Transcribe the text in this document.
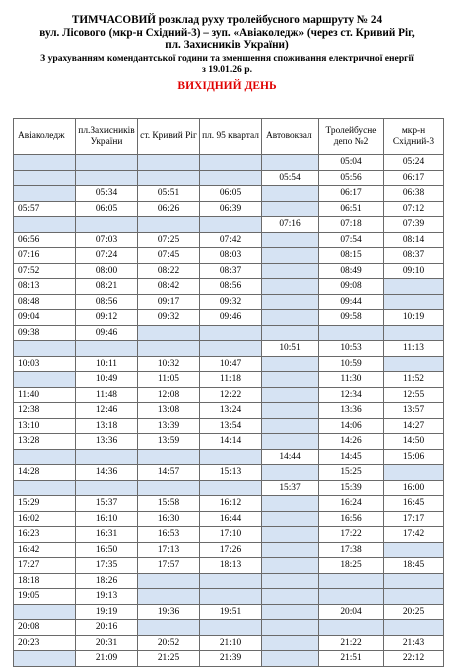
ТИМЧАСОВИЙ розклад руху тролейбусного маршруту № 24
вул. Лісового (мкр-н Східний-3) – зуп. «Авіаколедж» (через ст. Кривий Ріг,
пл. Захисників України)
З урахуванням комендантської години та зменшення споживання електричної енергії
з 19.01.26 р.
ВИХІДНИЙ ДЕНЬ
Авіаколедж	пл.Захисників України	ст. Кривий Ріг	пл. 95 квартал	Автовокзал	Тролейбусне депо №2	мкр-н Східний-3
					05:04	05:24
				05:54	05:56	06:17
	05:34	05:51	06:05		06:17	06:38
05:57	06:05	06:26	06:39		06:51	07:12
				07:16	07:18	07:39
06:56	07:03	07:25	07:42		07:54	08:14
07:16	07:24	07:45	08:03		08:15	08:37
07:52	08:00	08:22	08:37		08:49	09:10
08:13	08:21	08:42	08:56		09:08	
08:48	08:56	09:17	09:32		09:44	
09:04	09:12	09:32	09:46		09:58	10:19
09:38	09:46					
				10:51	10:53	11:13
10:03	10:11	10:32	10:47		10:59	
	10:49	11:05	11:18		11:30	11:52
11:40	11:48	12:08	12:22		12:34	12:55
12:38	12:46	13:08	13:24		13:36	13:57
13:10	13:18	13:39	13:54		14:06	14:27
13:28	13:36	13:59	14:14		14:26	14:50
				14:44	14:45	15:06
14:28	14:36	14:57	15:13		15:25	
				15:37	15:39	16:00
15:29	15:37	15:58	16:12		16:24	16:45
16:02	16:10	16:30	16:44		16:56	17:17
16:23	16:31	16:53	17:10		17:22	17:42
16:42	16:50	17:13	17:26		17:38	
17:27	17:35	17:57	18:13		18:25	18:45
18:18	18:26					
19:05	19:13					
	19:19	19:36	19:51		20:04	20:25
20:08	20:16					
20:23	20:31	20:52	21:10		21:22	21:43
	21:09	21:25	21:39		21:51	22:12
